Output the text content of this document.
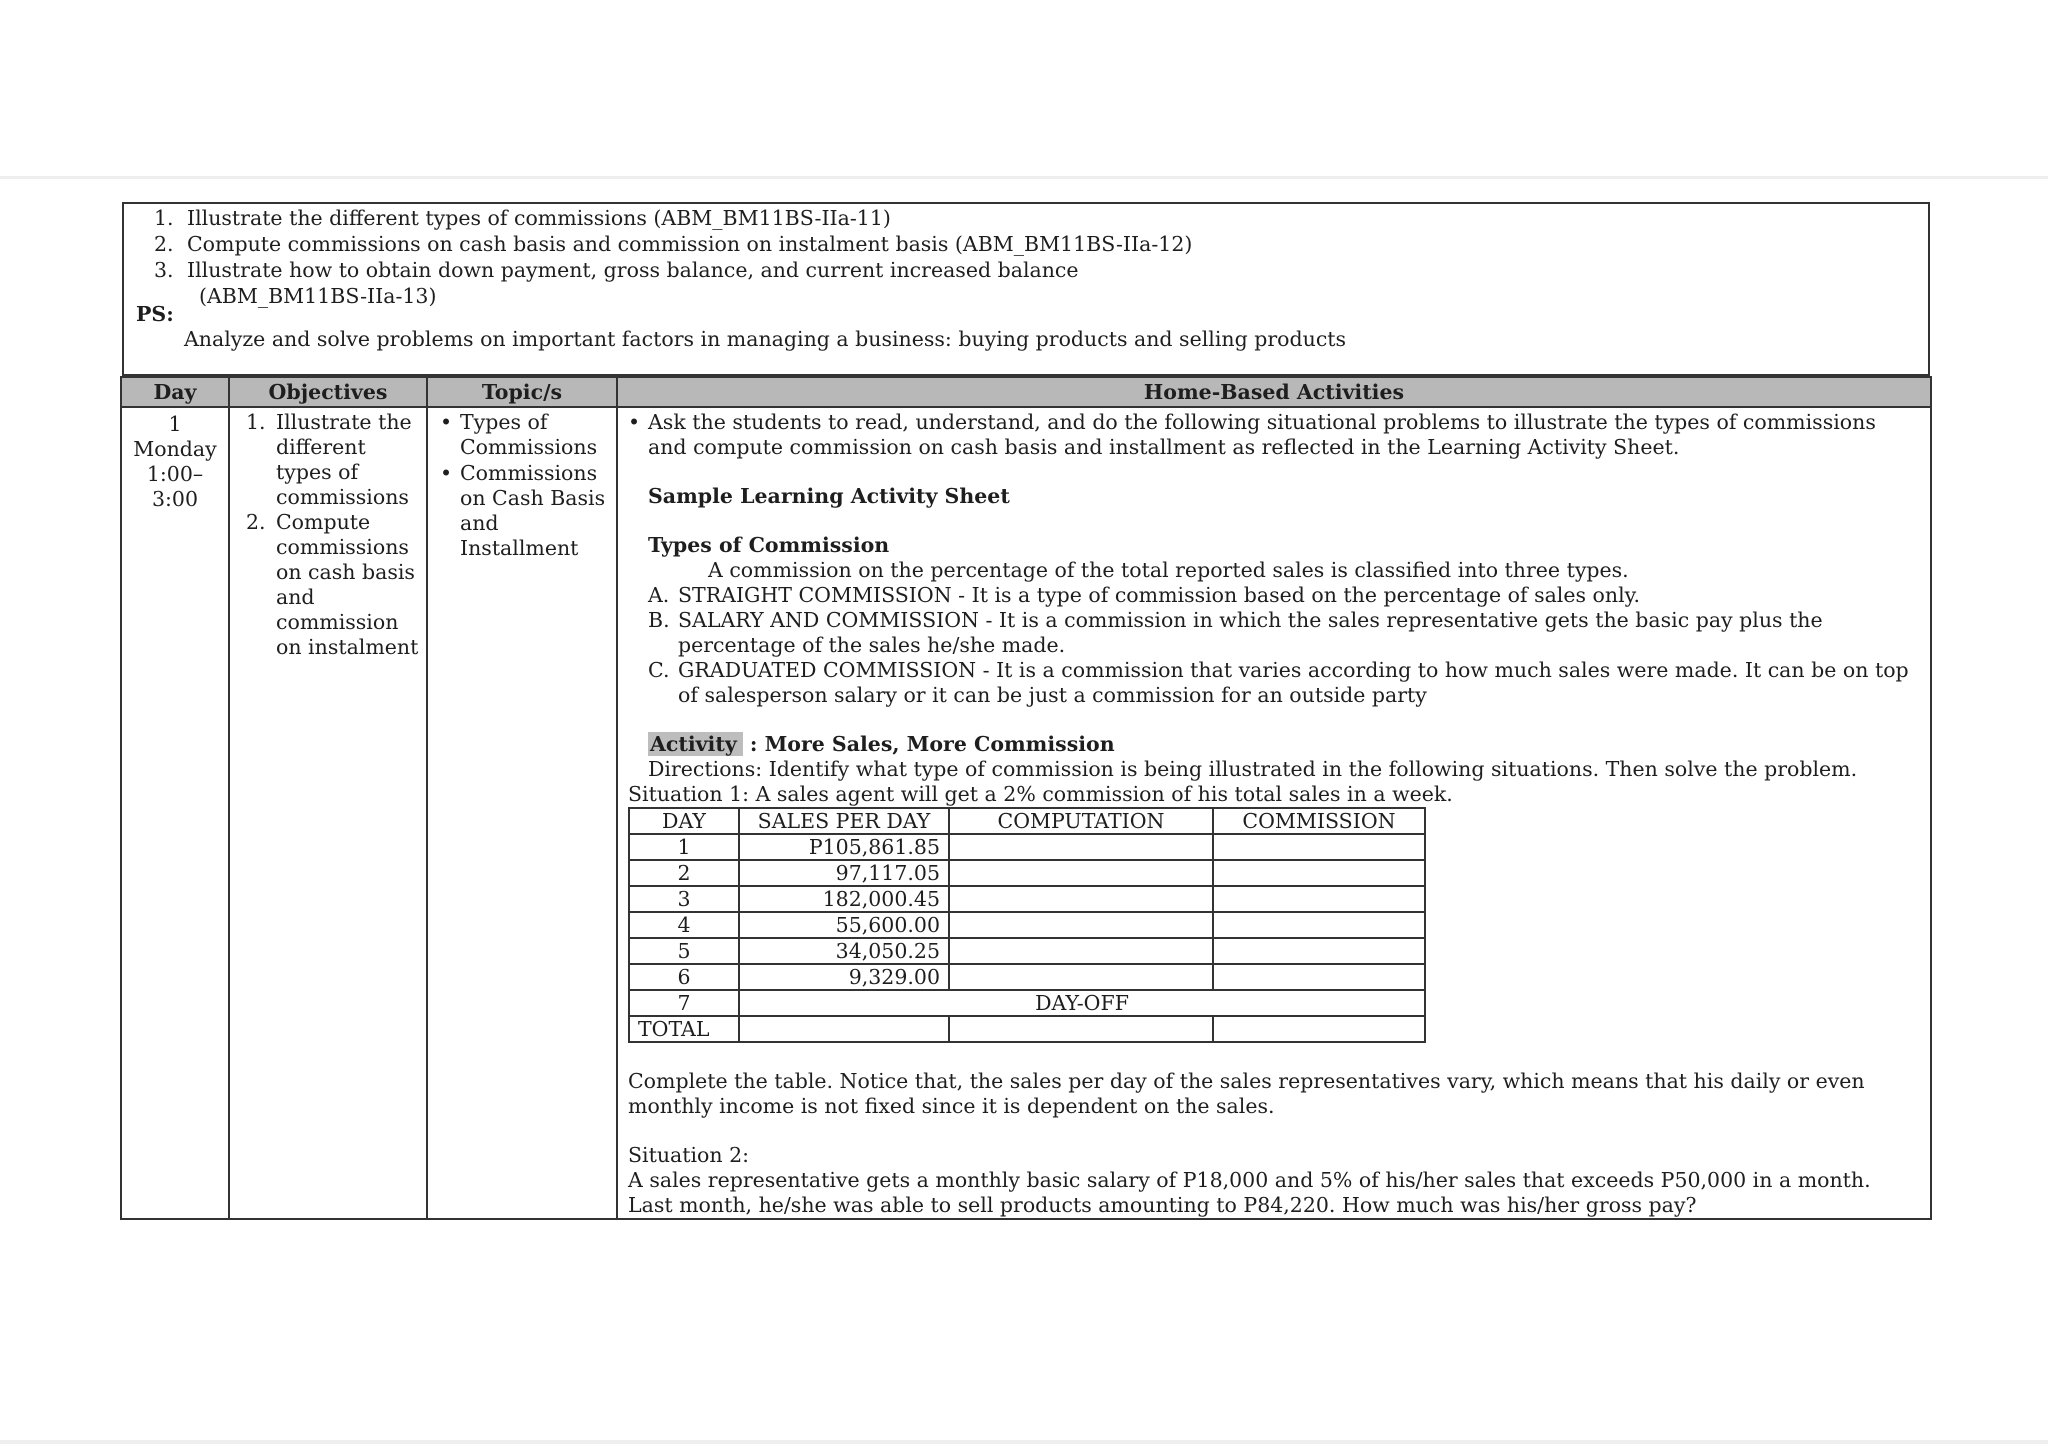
1. Illustrate the different types of commissions (ABM_BM11BS-IIa-11)
2. Compute commissions on cash basis and commission on instalment basis (ABM_BM11BS-IIa-12)
3. Illustrate how to obtain down payment, gross balance, and current increased balance
(ABM_BM11BS-IIa-13)
PS:
Analyze and solve problems on important factors in managing a business: buying products and selling products
Day	Objectives	Topic/s	Home-Based Activities

1
Monday
1:00–
3:00

1. Illustrate the different types of commissions
2. Compute commissions on cash basis and commission on instalment

• Types of Commissions
• Commissions on Cash Basis and Installment

• Ask the students to read, understand, and do the following situational problems to illustrate the types of commissions and compute commission on cash basis and installment as reflected in the Learning Activity Sheet.
Sample Learning Activity Sheet
Types of Commission
A commission on the percentage of the total reported sales is classified into three types.
A. STRAIGHT COMMISSION - It is a type of commission based on the percentage of sales only.
B. SALARY AND COMMISSION - It is a commission in which the sales representative gets the basic pay plus the percentage of the sales he/she made.
C. GRADUATED COMMISSION - It is a commission that varies according to how much sales were made. It can be on top of salesperson salary or it can be just a commission for an outside party
Activity : More Sales, More Commission
Directions: Identify what type of commission is being illustrated in the following situations. Then solve the problem.
Situation 1: A sales agent will get a 2% commission of his total sales in a week.
DAY	SALES PER DAY	COMPUTATION	COMMISSION
1	P105,861.85		
2	97,117.05		
3	182,000.45		
4	55,600.00		
5	34,050.25		
6	9,329.00		
7	DAY-OFF
TOTAL			
Complete the table. Notice that, the sales per day of the sales representatives vary, which means that his daily or even monthly income is not fixed since it is dependent on the sales.
Situation 2:
A sales representative gets a monthly basic salary of P18,000 and 5% of his/her sales that exceeds P50,000 in a month. Last month, he/she was able to sell products amounting to P84,220. How much was his/her gross pay?
